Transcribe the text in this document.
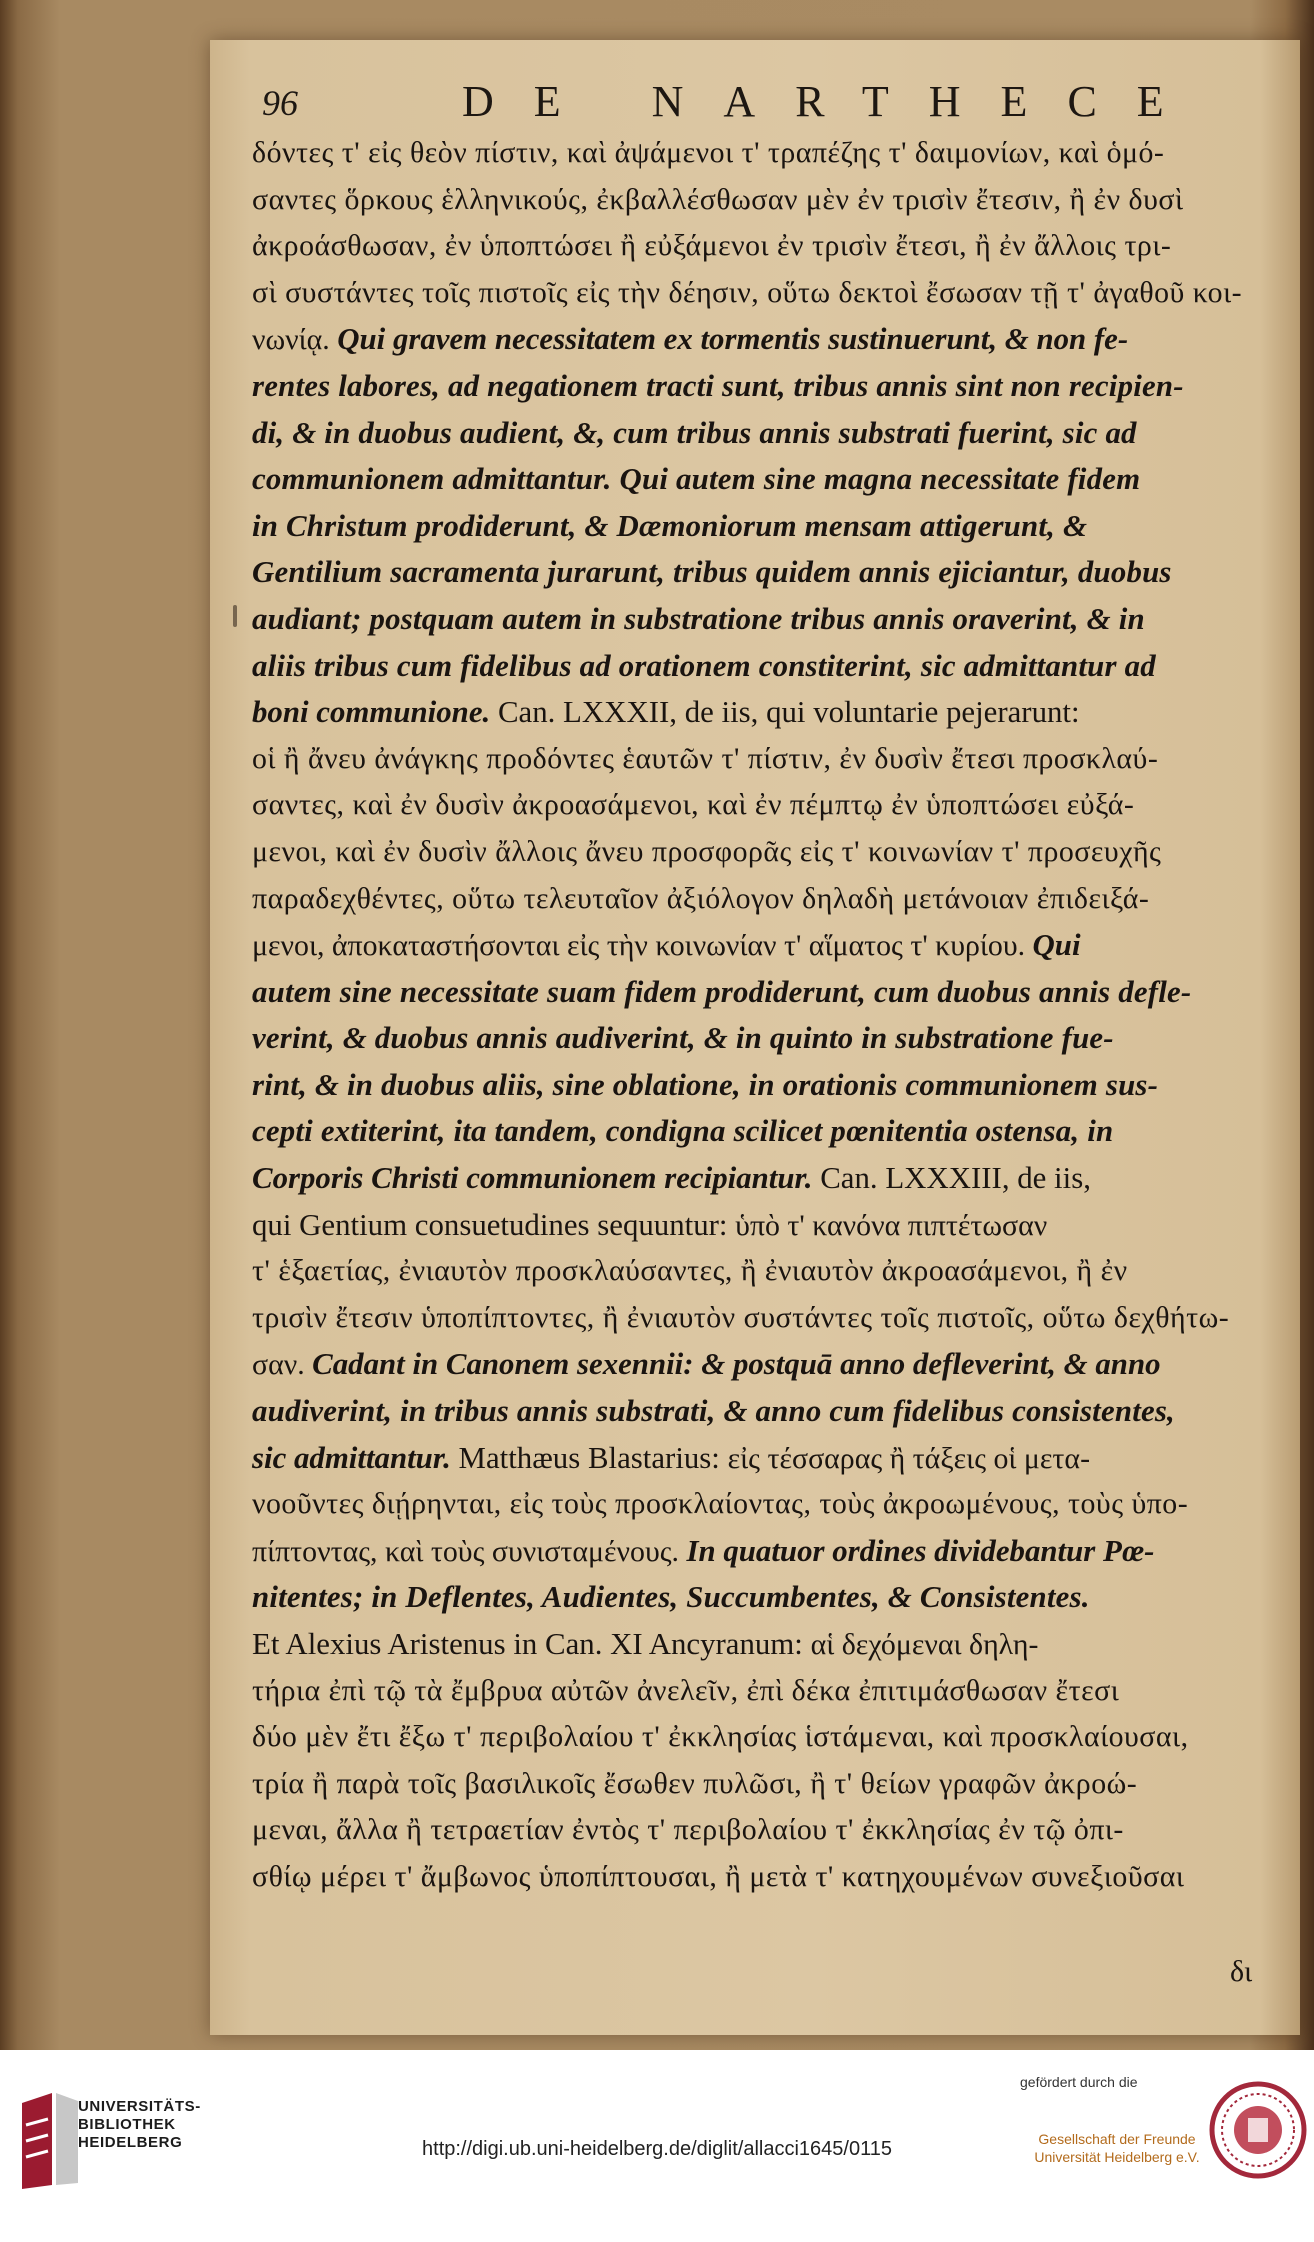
96	DE NARTHECE
δόντες τ' εἰς θεὸν πίστιν, καὶ ἀψάμενοι τ' τραπέζης τ' δαιμονίων, καὶ ὁμό-
σαντες ὅρκους ἑλληνικούς, ἐκβαλλέσθωσαν μὲν ἐν τρισὶν ἔτεσιν, ἢ ἐν δυσὶ
ἀκροάσθωσαν, ἐν ὑποπτώσει ἢ εὐξάμενοι ἐν τρισὶν ἔτεσι, ἢ ἐν ἄλλοις τρι-
σὶ συστάντες τοῖς πιστοῖς εἰς τὴν δέησιν, οὕτω δεκτοὶ ἔσωσαν τῇ τ' ἀγαθοῦ κοι-
νωνίᾳ. Qui gravem necessitatem ex tormentis sustinuerunt, & non fe-
rentes labores, ad negationem tracti sunt, tribus annis sint non recipien-
di, & in duobus audient, &, cum tribus annis substrati fuerint, sic ad
communionem admittantur. Qui autem sine magna necessitate fidem
in Christum prodiderunt, & Dæmoniorum mensam attigerunt, &
Gentilium sacramenta jurarunt, tribus quidem annis ejiciantur, duobus
audiant; postquam autem in substratione tribus annis oraverint, & in
aliis tribus cum fidelibus ad orationem constiterint, sic admittantur ad
boni communione. Can. LXXXII, de iis, qui voluntarie pejerarunt:
οἱ ἢ ἄνευ ἀνάγκης προδόντες ἑαυτῶν τ' πίστιν, ἐν δυσὶν ἔτεσι προσκλαύ-
σαντες, καὶ ἐν δυσὶν ἀκροασάμενοι, καὶ ἐν πέμπτῳ ἐν ὑποπτώσει εὐξά-
μενοι, καὶ ἐν δυσὶν ἄλλοις ἄνευ προσφορᾶς εἰς τ' κοινωνίαν τ' προσευχῆς
παραδεχθέντες, οὕτω τελευταῖον ἀξιόλογον δηλαδὴ μετάνοιαν ἐπιδειξά-
μενοι, ἀποκαταστήσονται εἰς τὴν κοινωνίαν τ' αἵματος τ' κυρίου. Qui
autem sine necessitate suam fidem prodiderunt, cum duobus annis defle-
verint, & duobus annis audiverint, & in quinto in substratione fue-
rint, & in duobus aliis, sine oblatione, in orationis communionem sus-
cepti extiterint, ita tandem, condigna scilicet pœnitentia ostensa, in
Corporis Christi communionem recipiantur. Can. LXXXIII, de iis,
qui Gentium consuetudines sequuntur: ὑπὸ τ' κανόνα πιπτέτωσαν
τ' ἑξαετίας, ἐνιαυτὸν προσκλαύσαντες, ἢ ἐνιαυτὸν ἀκροασάμενοι, ἢ ἐν
τρισὶν ἔτεσιν ὑποπίπτοντες, ἢ ἐνιαυτὸν συστάντες τοῖς πιστοῖς, οὕτω δεχθήτω-
σαν. Cadant in Canonem sexennii: & postquā anno defleverint, & anno
audiverint, in tribus annis substrati, & anno cum fidelibus consistentes,
sic admittantur. Matthæus Blastarius: εἰς τέσσαρας ἢ τάξεις οἱ μετα-
νοοῦντες διῄρηνται, εἰς τοὺς προσκλαίοντας, τοὺς ἀκροωμένους, τοὺς ὑπο-
πίπτοντας, καὶ τοὺς συνισταμένους. In quatuor ordines dividebantur Pœ-
nitentes; in Deflentes, Audientes, Succumbentes, & Consistentes.
Et Alexius Aristenus in Can. XI Ancyranum: αἱ δεχόμεναι δηλη-
τήρια ἐπὶ τῷ τὰ ἔμβρυα αὐτῶν ἀνελεῖν, ἐπὶ δέκα ἐπιτιμάσθωσαν ἔτεσι
δύο μὲν ἔτι ἔξω τ' περιβολαίου τ' ἐκκλησίας ἱστάμεναι, καὶ προσκλαίουσαι,
τρία ἢ παρὰ τοῖς βασιλικοῖς ἔσωθεν πυλῶσι, ἢ τ' θείων γραφῶν ἀκροώ-
μεναι, ἄλλα ἢ τετραετίαν ἐντὸς τ' περιβολαίου τ' ἐκκλησίας ἐν τῷ ὀπι-
σθίῳ μέρει τ' ἄμβωνος ὑποπίπτουσαι, ἢ μετὰ τ' κατηχουμένων συνεξιοῦσαι
δι
UNIVERSITÄTS-
BIBLIOTHEK
HEIDELBERG	http://digi.ub.uni-heidelberg.de/diglit/allacci1645/0115
gefördert durch die
Gesellschaft der Freunde
Universität Heidelberg e.V.
